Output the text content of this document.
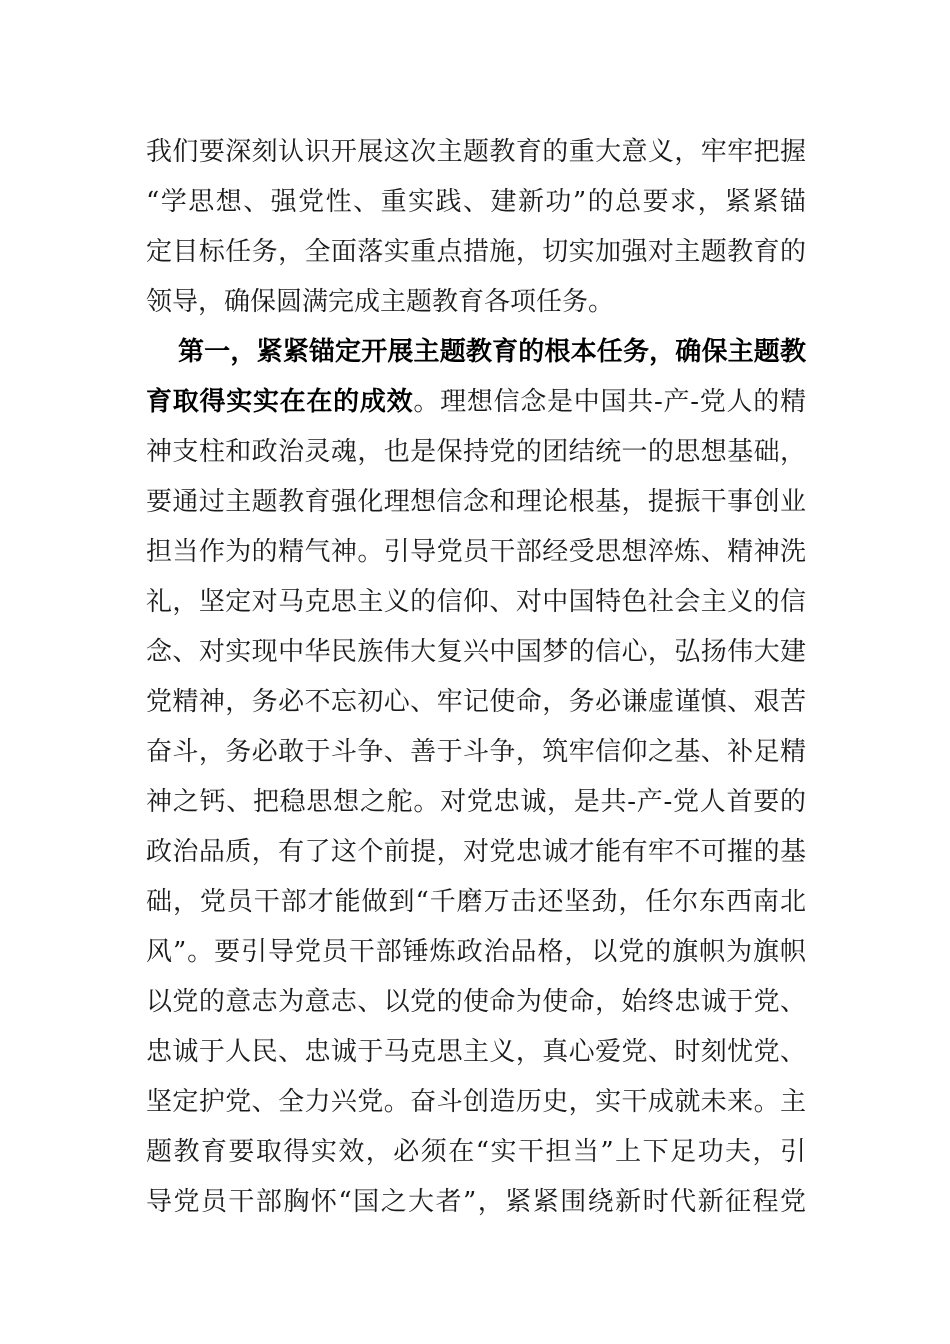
我们要深刻认识开展这次主题教育的重大意义，牢牢把握
“学思想、强党性、重实践、建新功”的总要求，紧紧锚
定目标任务，全面落实重点措施，切实加强对主题教育的
领导，确保圆满完成主题教育各项任务。
第一，紧紧锚定开展主题教育的根本任务，确保主题教
育取得实实在在的成效。理想信念是中国共-产-党人的精
神支柱和政治灵魂，也是保持党的团结统一的思想基础，
要通过主题教育强化理想信念和理论根基，提振干事创业
担当作为的精气神。引导党员干部经受思想淬炼、精神洗
礼，坚定对马克思主义的信仰、对中国特色社会主义的信
念、对实现中华民族伟大复兴中国梦的信心，弘扬伟大建
党精神，务必不忘初心、牢记使命，务必谦虚谨慎、艰苦
奋斗，务必敢于斗争、善于斗争，筑牢信仰之基、补足精
神之钙、把稳思想之舵。对党忠诚，是共-产-党人首要的
政治品质，有了这个前提，对党忠诚才能有牢不可摧的基
础，党员干部才能做到“千磨万击还坚劲，任尔东西南北
风”。要引导党员干部锤炼政治品格，以党的旗帜为旗帜
以党的意志为意志、以党的使命为使命，始终忠诚于党、
忠诚于人民、忠诚于马克思主义，真心爱党、时刻忧党、
坚定护党、全力兴党。奋斗创造历史，实干成就未来。主
题教育要取得实效，必须在“实干担当”上下足功夫，引
导党员干部胸怀“国之大者”，紧紧围绕新时代新征程党
